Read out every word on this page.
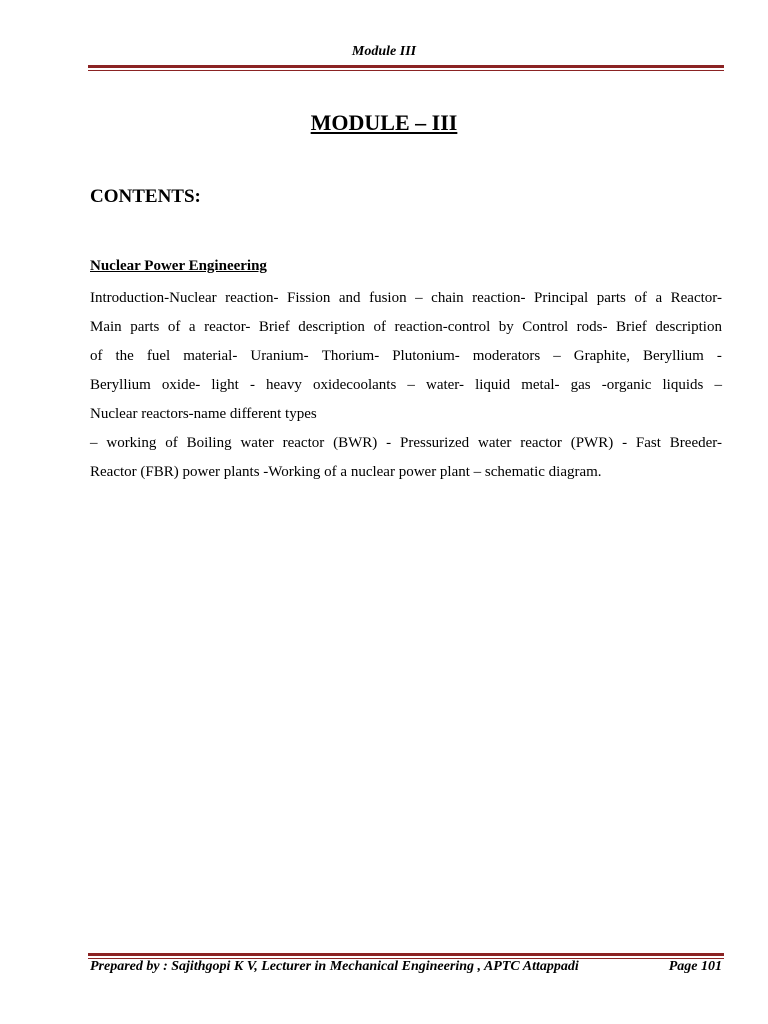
Module III
MODULE – III
CONTENTS:
Nuclear Power Engineering
Introduction-Nuclear reaction- Fission and fusion – chain reaction- Principal parts of a Reactor-
Main parts of a reactor- Brief description of reaction-control by Control rods- Brief description
of the fuel material- Uranium- Thorium- Plutonium- moderators – Graphite, Beryllium -
Beryllium oxide- light - heavy oxidecoolants – water- liquid metal- gas -organic liquids –
Nuclear reactors-name different types
– working of Boiling water reactor (BWR) - Pressurized water reactor (PWR) - Fast Breeder-
Reactor (FBR) power plants -Working of a nuclear power plant – schematic diagram.
Prepared by : Sajithgopi K V, Lecturer in Mechanical Engineering , APTC Attappadi	Page 101
